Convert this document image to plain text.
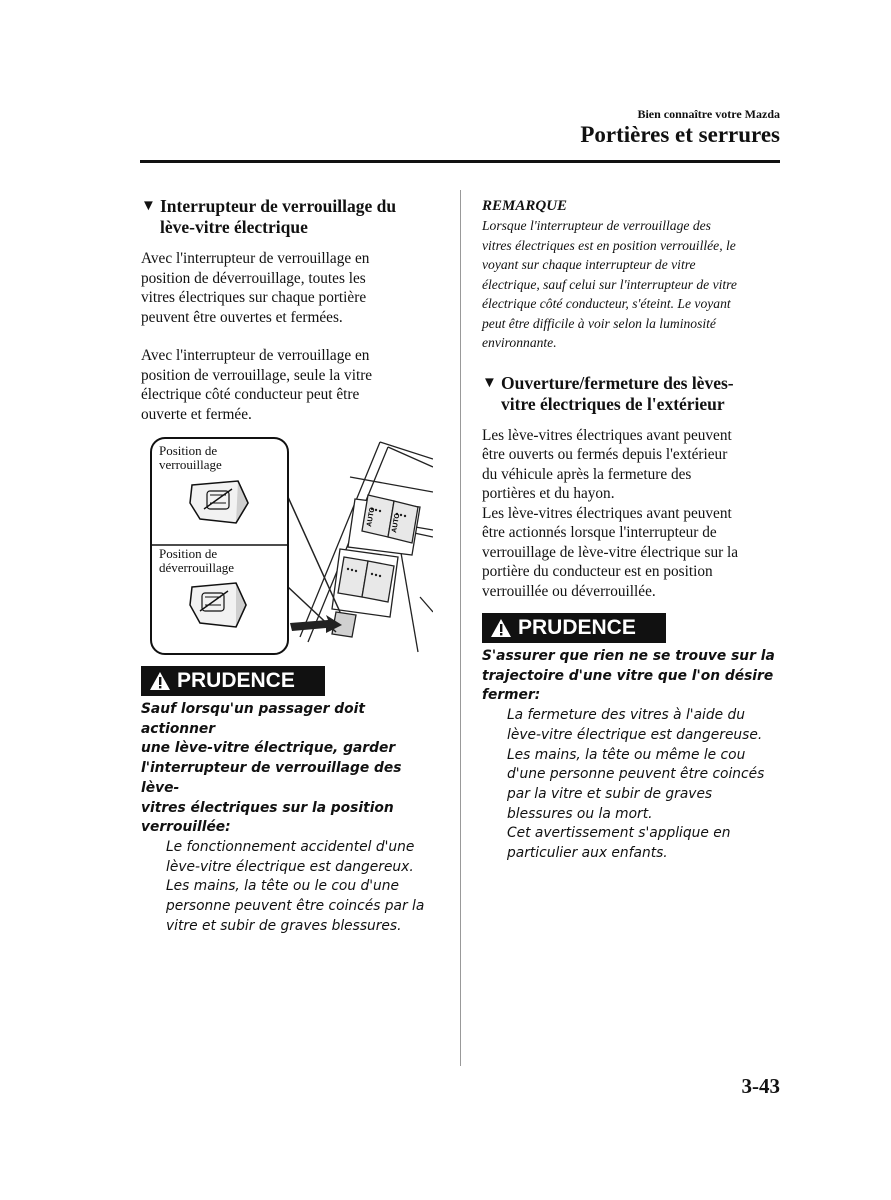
Bien connaître votre Mazda
Portières et serrures
▼ Interrupteur de verrouillage du
lève-vitre électrique

Avec l'interrupteur de verrouillage en
position de déverrouillage, toutes les
vitres électriques sur chaque portière
peuvent être ouvertes et fermées.

Avec l'interrupteur de verrouillage en
position de verrouillage, seule la vitre
électrique côté conducteur peut être
ouverte et fermée.

AUTO AUTO
Position de
verrouillage
Position de
déverrouillage
PRUDENCE

Sauf lorsqu'un passager doit actionner
une lève-vitre électrique, garder
l'interrupteur de verrouillage des lève-
vitres électriques sur la position
verrouillée:

Le fonctionnement accidentel d'une
lève-vitre électrique est dangereux.
Les mains, la tête ou le cou d'une
personne peuvent être coincés par la
vitre et subir de graves blessures.

REMARQUE

Lorsque l'interrupteur de verrouillage des
vitres électriques est en position verrouillée, le
voyant sur chaque interrupteur de vitre
électrique, sauf celui sur l'interrupteur de vitre
électrique côté conducteur, s'éteint. Le voyant
peut être difficile à voir selon la luminosité
environnante.

▼ Ouverture/fermeture des lèves-
vitre électriques de l'extérieur

Les lève-vitres électriques avant peuvent
être ouverts ou fermés depuis l'extérieur
du véhicule après la fermeture des
portières et du hayon.
Les lève-vitres électriques avant peuvent
être actionnés lorsque l'interrupteur de
verrouillage de lève-vitre électrique sur la
portière du conducteur est en position
verrouillée ou déverrouillée.

PRUDENCE

S'assurer que rien ne se trouve sur la
trajectoire d'une vitre que l'on désire
fermer:

La fermeture des vitres à l'aide du
lève-vitre électrique est dangereuse.
Les mains, la tête ou même le cou
d'une personne peuvent être coincés
par la vitre et subir de graves
blessures ou la mort.
Cet avertissement s'applique en
particulier aux enfants.

3-43
